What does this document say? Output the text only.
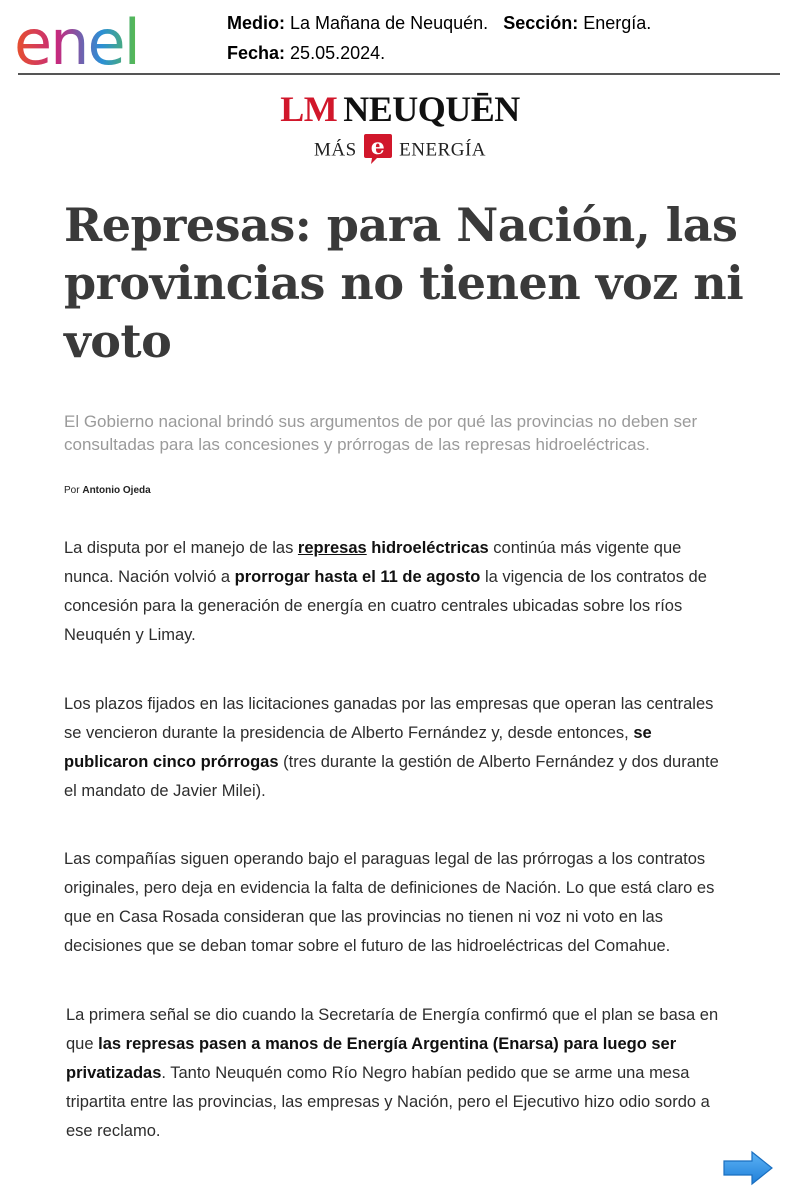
enel	Medio: La Mañana de Neuquén. Sección: Energía.
Fecha: 25.05.2024.
LM NEUQUĒN
MÁS e ENERGÍA
Represas: para Nación, las provincias no tienen voz ni voto

El Gobierno nacional brindó sus argumentos de por qué las provincias no deben ser consultadas para las concesiones y prórrogas de las represas hidroeléctricas.

Por Antonio Ojeda

La disputa por el manejo de las represas hidroeléctricas continúa más vigente que nunca. Nación volvió a prorrogar hasta el 11 de agosto la vigencia de los contratos de concesión para la generación de energía en cuatro centrales ubicadas sobre los ríos Neuquén y Limay.

Los plazos fijados en las licitaciones ganadas por las empresas que operan las centrales se vencieron durante la presidencia de Alberto Fernández y, desde entonces, se publicaron cinco prórrogas (tres durante la gestión de Alberto Fernández y dos durante el mandato de Javier Milei).

Las compañías siguen operando bajo el paraguas legal de las prórrogas a los contratos originales, pero deja en evidencia la falta de definiciones de Nación. Lo que está claro es que en Casa Rosada consideran que las provincias no tienen ni voz ni voto en las decisiones que se deban tomar sobre el futuro de las hidroeléctricas del Comahue.

La primera señal se dio cuando la Secretaría de Energía confirmó que el plan se basa en que las represas pasen a manos de Energía Argentina (Enarsa) para luego ser privatizadas. Tanto Neuquén como Río Negro habían pedido que se arme una mesa tripartita entre las provincias, las empresas y Nación, pero el Ejecutivo hizo odio sordo a ese reclamo.
